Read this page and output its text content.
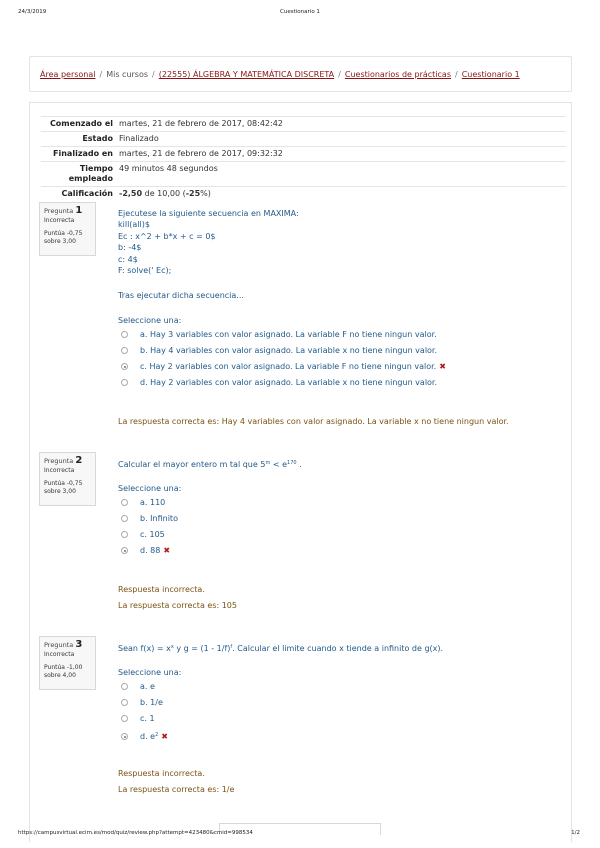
24/3/2019	Cuestionario 1
Área personal / Mis cursos / (22555) ÁLGEBRA Y MATEMÁTICA DISCRETA / Cuestionarios de prácticas / Cuestionario 1
Comenzado el	martes, 21 de febrero de 2017, 08:42:42
Estado	Finalizado
Finalizado en	martes, 21 de febrero de 2017, 09:32:32
Tiempo
empleado	49 minutos 48 segundos
Calificación	-2,50 de 10,00 (-25%)
Pregunta 1
Incorrecta
Puntúa -0,75
sobre 3,00
Ejecutese la siguiente secuencia en MAXIMA:
kill(all)$
Ec : x^2 + b*x + c = 0$
b: -4$
c: 4$
F: solve(' Ec);
Tras ejecutar dicha secuencia...
Seleccione una:
a. Hay 3 variables con valor asignado. La variable F no tiene ningun valor.
b. Hay 4 variables con valor asignado. La variable x no tiene ningun valor.
c. Hay 2 variables con valor asignado. La variable F no tiene ningun valor. ✖
d. Hay 2 variables con valor asignado. La variable x no tiene ningun valor.
La respuesta correcta es: Hay 4 variables con valor asignado. La variable x no tiene ningun valor.
Pregunta 2
Incorrecta
Puntúa -0,75
sobre 3,00
Calcular el mayor entero m tal que $5^m < e^{170}$ .
Seleccione una:
a. 110
b. Infinito
c. 105
d. 88 ✖
Respuesta incorrecta.
La respuesta correcta es: 105
Pregunta 3
Incorrecta
Puntúa -1,00
sobre 4,00
Sean $f(x) = x^x$ y g = (1 - 1/f)$^f$. Calcular el limite cuando x tiende a infinito de g(x).
Seleccione una:
a. e
b. 1/e
c. 1
d. $e^2$ ✖
Respuesta incorrecta.
La respuesta correcta es: 1/e
https://campusvirtual.ecim.es/mod/quiz/review.php?attempt=423480&cmid=998534	1/2
